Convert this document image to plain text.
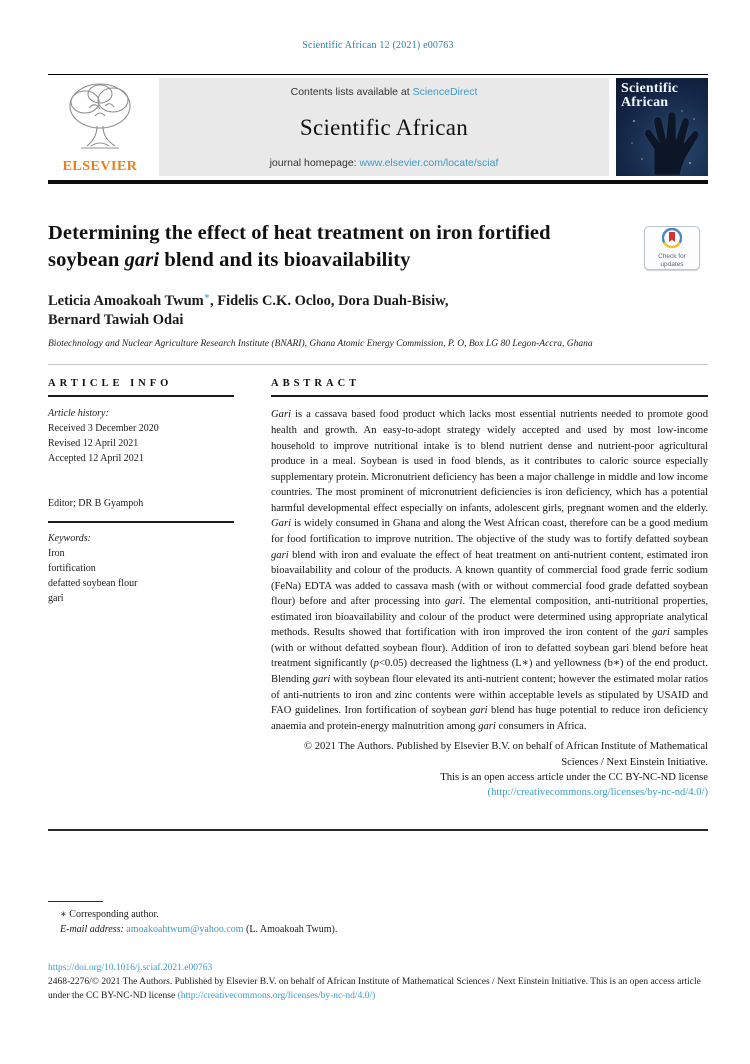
Scientific African 12 (2021) e00763
ELSEVIER
Contents lists available at ScienceDirect
Scientific African
journal homepage: www.elsevier.com/locate/sciaf
Scientific
African
Determining the effect of heat treatment on iron fortified soybean gari blend and its bioavailability	Check for
updates
Leticia Amoakoah Twum∗, Fidelis C.K. Ocloo, Dora Duah-Bisiw,
Bernard Tawiah Odai
Biotechnology and Nuclear Agriculture Research Institute (BNARI), Ghana Atomic Energy Commission, P. O, Box LG 80 Legon-Accra, Ghana
ARTICLE INFO
Article history:
Received 3 December 2020
Revised 12 April 2021
Accepted 12 April 2021
Editor; DR B Gyampoh
Keywords:
Iron
fortification
defatted soybean flour
gari
ABSTRACT
Gari is a cassava based food product which lacks most essential nutrients needed to promote good health and growth. An easy-to-adopt strategy widely accepted and used by most low-income household to improve nutritional intake is to blend nutrient dense and nutrient-poor agricultural produce in a meal. Soybean is used in food blends, as it contributes to caloric source especially supplementary protein. Micronutrient deficiency has been a major challenge in middle and low income countries. The most prominent of micronutrient deficiencies is iron deficiency, which has a potential harmful developmental effect especially on infants, adolescent girls, pregnant women and the elderly. Gari is widely consumed in Ghana and along the West African coast, therefore can be a good medium for food fortification to improve nutrition. The objective of the study was to fortify defatted soybean gari blend with iron and evaluate the effect of heat treatment on anti-nutrient content, estimated iron bioavailability and colour of the products. A known quantity of commercial food grade ferric sodium (FeNa) EDTA was added to cassava mash (with or without commercial food grade defatted soybean flour) before and after processing into gari. The elemental composition, anti-nutritional properties, estimated iron bioavailability and colour of the product were determined using appropriate analytical methods. Results showed that fortification with iron improved the iron content of the gari samples (with or without defatted soybean flour). Addition of iron to defatted soybean gari blend before heat treatment significantly (p<0.05) decreased the lightness (L∗) and yellowness (b∗) of the end product. Blending gari with soybean flour elevated its anti-nutrient content; however the estimated molar ratios of anti-nutrients to iron and zinc contents were within acceptable levels as stipulated by USAID and FAO guidelines. Iron fortification of soybean gari blend has huge potential to reduce iron deficiency anaemia and protein-energy malnutrition among gari consumers in Africa.
© 2021 The Authors. Published by Elsevier B.V. on behalf of African Institute of Mathematical Sciences / Next Einstein Initiative.
This is an open access article under the CC BY-NC-ND license
(http://creativecommons.org/licenses/by-nc-nd/4.0/)
∗ Corresponding author.
E-mail address: amoakoahtwum@yahoo.com (L. Amoakoah Twum).
https://doi.org/10.1016/j.sciaf.2021.e00763
2468-2276/© 2021 The Authors. Published by Elsevier B.V. on behalf of African Institute of Mathematical Sciences / Next Einstein Initiative. This is an open access article under the CC BY-NC-ND license (http://creativecommons.org/licenses/by-nc-nd/4.0/)
